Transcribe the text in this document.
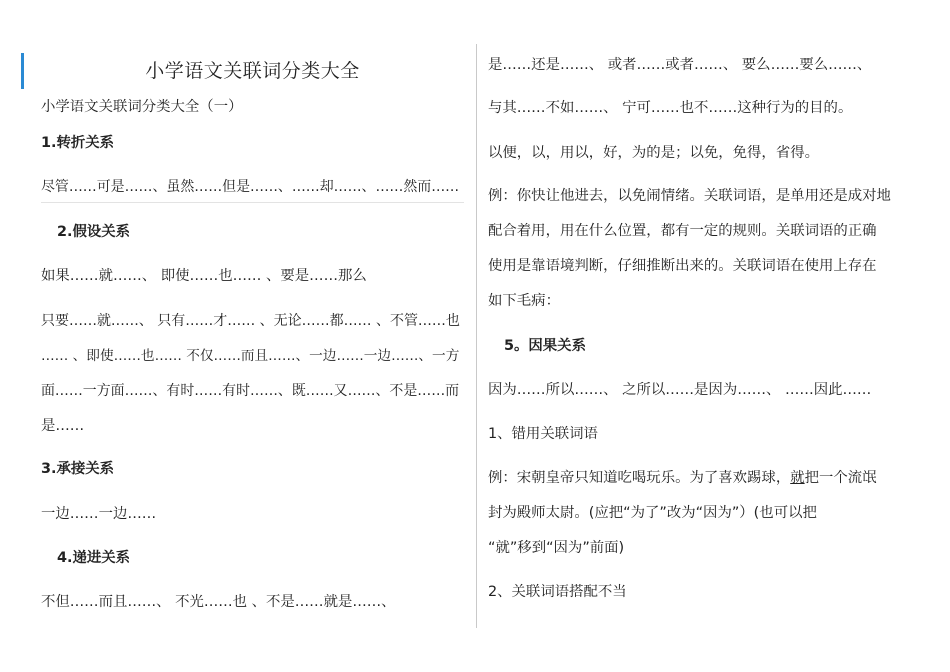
小学语文关联词分类大全
小学语文关联词分类大全（一）
1.转折关系
尽管……可是……、虽然……但是……、……却……、……然而……
2.假设关系
如果……就……、 即使……也…… 、要是……那么
只要……就……、 只有……才…… 、无论……都…… 、不管……也
…… 、即使……也…… 不仅……而且……、一边……一边……、一方
面……一方面……、有时……有时……、既……又……、不是……而
是……
3.承接关系
一边……一边……
4.递进关系
不但……而且……、 不光……也 、不是……就是……、
是……还是……、 或者……或者……、 要么……要么……、
与其……不如……、 宁可……也不……这种行为的目的。
以便，以，用以，好，为的是；以免，免得，省得。
例：你快让他进去，以免闹情绪。关联词语，是单用还是成对地
配合着用，用在什么位置，都有一定的规则。关联词语的正确
使用是靠语境判断，仔细推断出来的。关联词语在使用上存在
如下毛病：
5。因果关系
因为……所以……、 之所以……是因为……、 ……因此……
1、错用关联词语
例：宋朝皇帝只知道吃喝玩乐。为了喜欢踢球，就把一个流氓
封为殿师太尉。(应把“为了”改为“因为”）(也可以把
“就”移到“因为”前面)
2、关联词语搭配不当
